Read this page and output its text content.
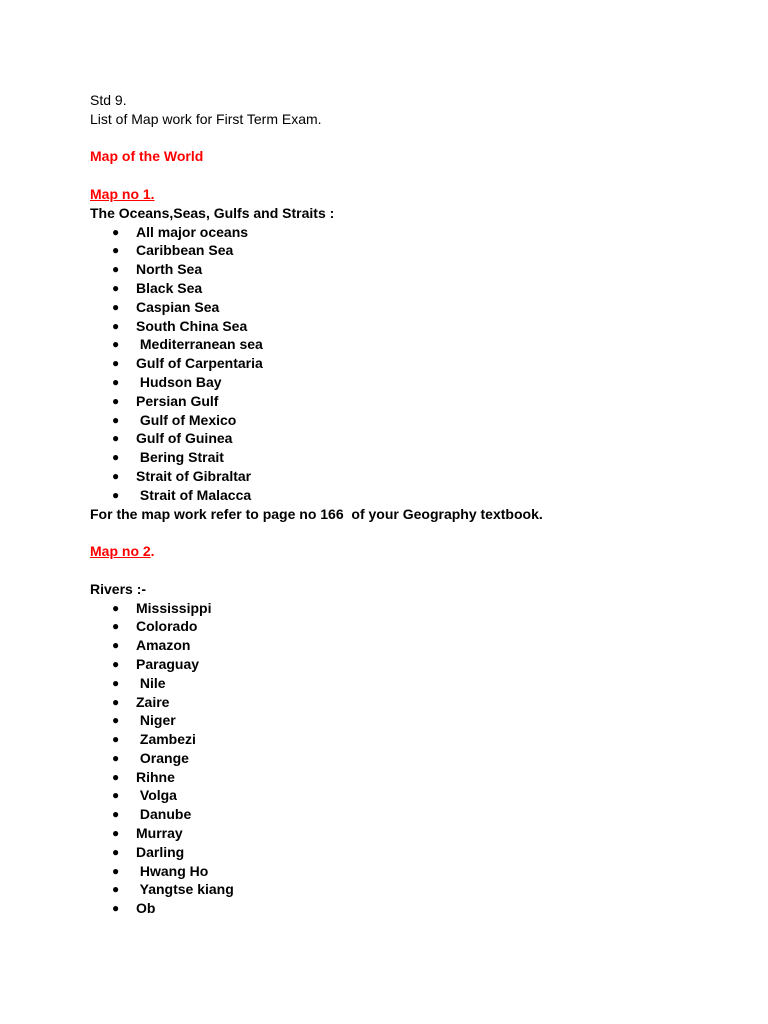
Std 9.

List of Map work for First Term Exam.

Map of the World

Map no 1.

The Oceans,Seas, Gulfs and Straits :

● All major oceans
● Caribbean Sea
● North Sea
● Black Sea
● Caspian Sea
● South China Sea
● Mediterranean sea
● Gulf of Carpentaria
● Hudson Bay
● Persian Gulf
● Gulf of Mexico
● Gulf of Guinea
● Bering Strait
● Strait of Gibraltar
● Strait of Malacca

For the map work refer to page no 166  of your Geography textbook.

Map no 2.

Rivers :-

● Mississippi
● Colorado
● Amazon
● Paraguay
● Nile
● Zaire
● Niger
● Zambezi
● Orange
● Rihne
● Volga
● Danube
● Murray
● Darling
● Hwang Ho
● Yangtse kiang
● Ob
